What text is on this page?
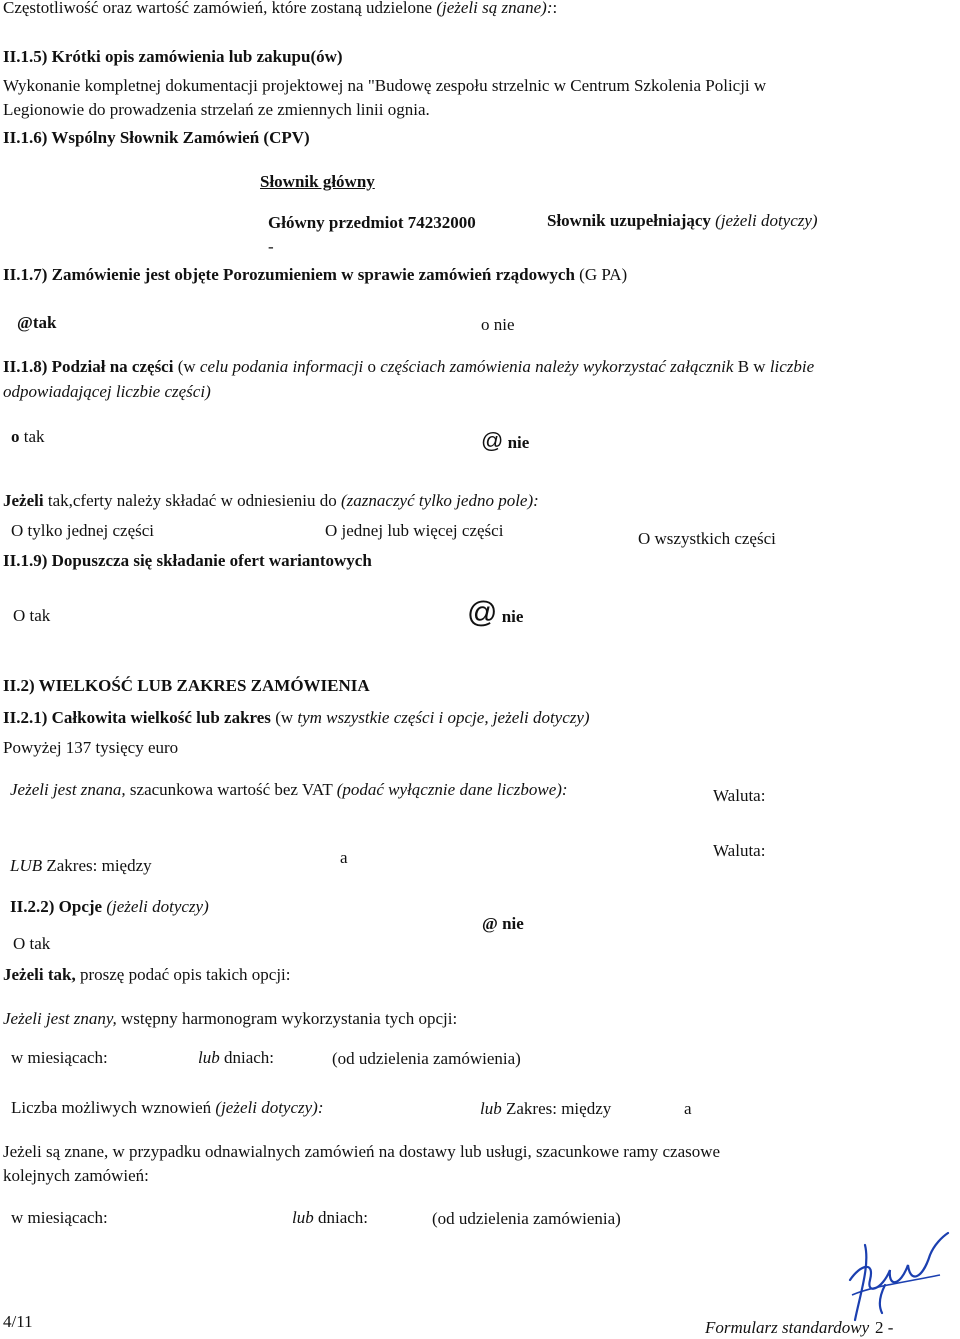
Częstotliwość oraz wartość zamówień, które zostaną udzielone (jeżeli są znane)::
II.1.5) Krótki opis zamówienia lub zakupu(ów)
Wykonanie kompletnej dokumentacji projektowej na "Budowę zespołu strzelnic w Centrum Szkolenia Policji w
Legionowie do prowadzenia strzelań ze zmiennych linii ognia.
II.1.6) Wspólny Słownik Zamówień (CPV)
Słownik główny
Główny przedmiot 74232000
-
Słownik uzupełniający (jeżeli dotyczy)
II.1.7) Zamówienie jest objęte Porozumieniem w sprawie zamówień rządowych (G PA)
@tak	o nie
II.1.8) Podział na części (w celu podania informacji o częściach zamówienia należy wykorzystać załącznik B w liczbie
odpowiadającej liczbie części)
o tak	@ nie
Jeżeli tak,cferty należy składać w odniesieniu do (zaznaczyć tylko jedno pole):
O tylko jednej części	O jednej lub więcej części	O wszystkich części
II.1.9) Dopuszcza się składanie ofert wariantowych
O tak	@ nie
II.2) WIELKOŚĆ LUB ZAKRES ZAMÓWIENIA
II.2.1) Całkowita wielkość lub zakres (w tym wszystkie części i opcje, jeżeli dotyczy)
Powyżej 137 tysięcy euro
Jeżeli jest znana, szacunkowa wartość bez VAT (podać wyłącznie dane liczbowe):	Waluta:
LUB Zakres: między	a	Waluta:
II.2.2) Opcje (jeżeli dotyczy)
O tak
@ nie
Jeżeli tak, proszę podać opis takich opcji:
Jeżeli jest znany, wstępny harmonogram wykorzystania tych opcji:
w miesiącach:	lub dniach:	(od udzielenia zamówienia)
Liczba możliwych wznowień (jeżeli dotyczy):	lub Zakres: między	a
Jeżeli są znane, w przypadku odnawialnych zamówień na dostawy lub usługi, szacunkowe ramy czasowe
kolejnych zamówień:
w miesiącach:	lub dniach:	(od udzielenia zamówienia)
4/11	Formularz standardowy 2 -
